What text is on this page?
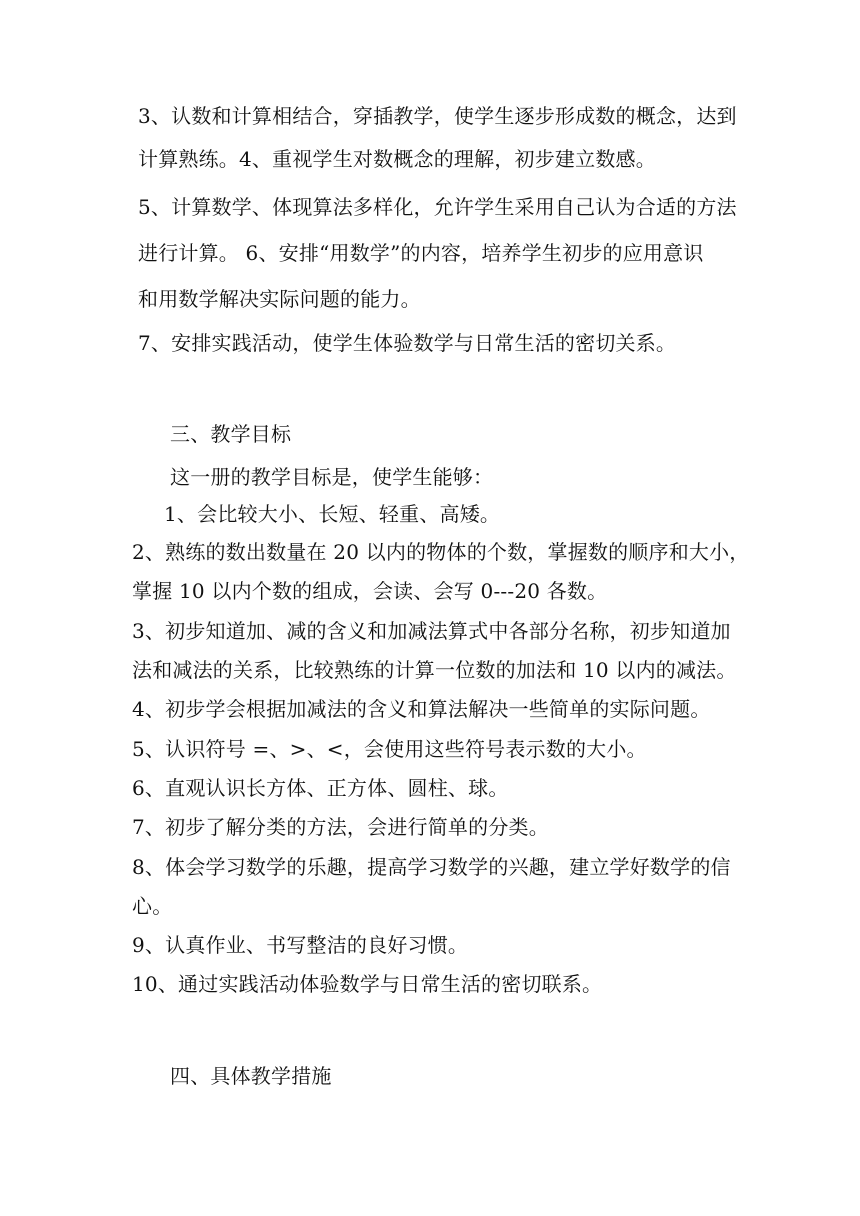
3、认数和计算相结合，穿插教学，使学生逐步形成数的概念，达到
计算熟练。4、重视学生对数概念的理解，初步建立数感。
5、计算数学、体现算法多样化，允许学生采用自己认为合适的方法
进行计算。 6、安排“用数学”的内容，培养学生初步的应用意识
和用数学解决实际问题的能力。
7、安排实践活动，使学生体验数学与日常生活的密切关系。
三、教学目标
这一册的教学目标是，使学生能够：
1、会比较大小、长短、轻重、高矮。
2、熟练的数出数量在 20 以内的物体的个数，掌握数的顺序和大小，
掌握 10 以内个数的组成，会读、会写 0---20 各数。
3、初步知道加、减的含义和加减法算式中各部分名称，初步知道加
法和减法的关系，比较熟练的计算一位数的加法和 10 以内的减法。
4、初步学会根据加减法的含义和算法解决一些简单的实际问题。
5、认识符号 =、>、<，会使用这些符号表示数的大小。
6、直观认识长方体、正方体、圆柱、球。
7、初步了解分类的方法，会进行简单的分类。
8、体会学习数学的乐趣，提高学习数学的兴趣，建立学好数学的信
心。
9、认真作业、书写整洁的良好习惯。
10、通过实践活动体验数学与日常生活的密切联系。
四、具体教学措施
